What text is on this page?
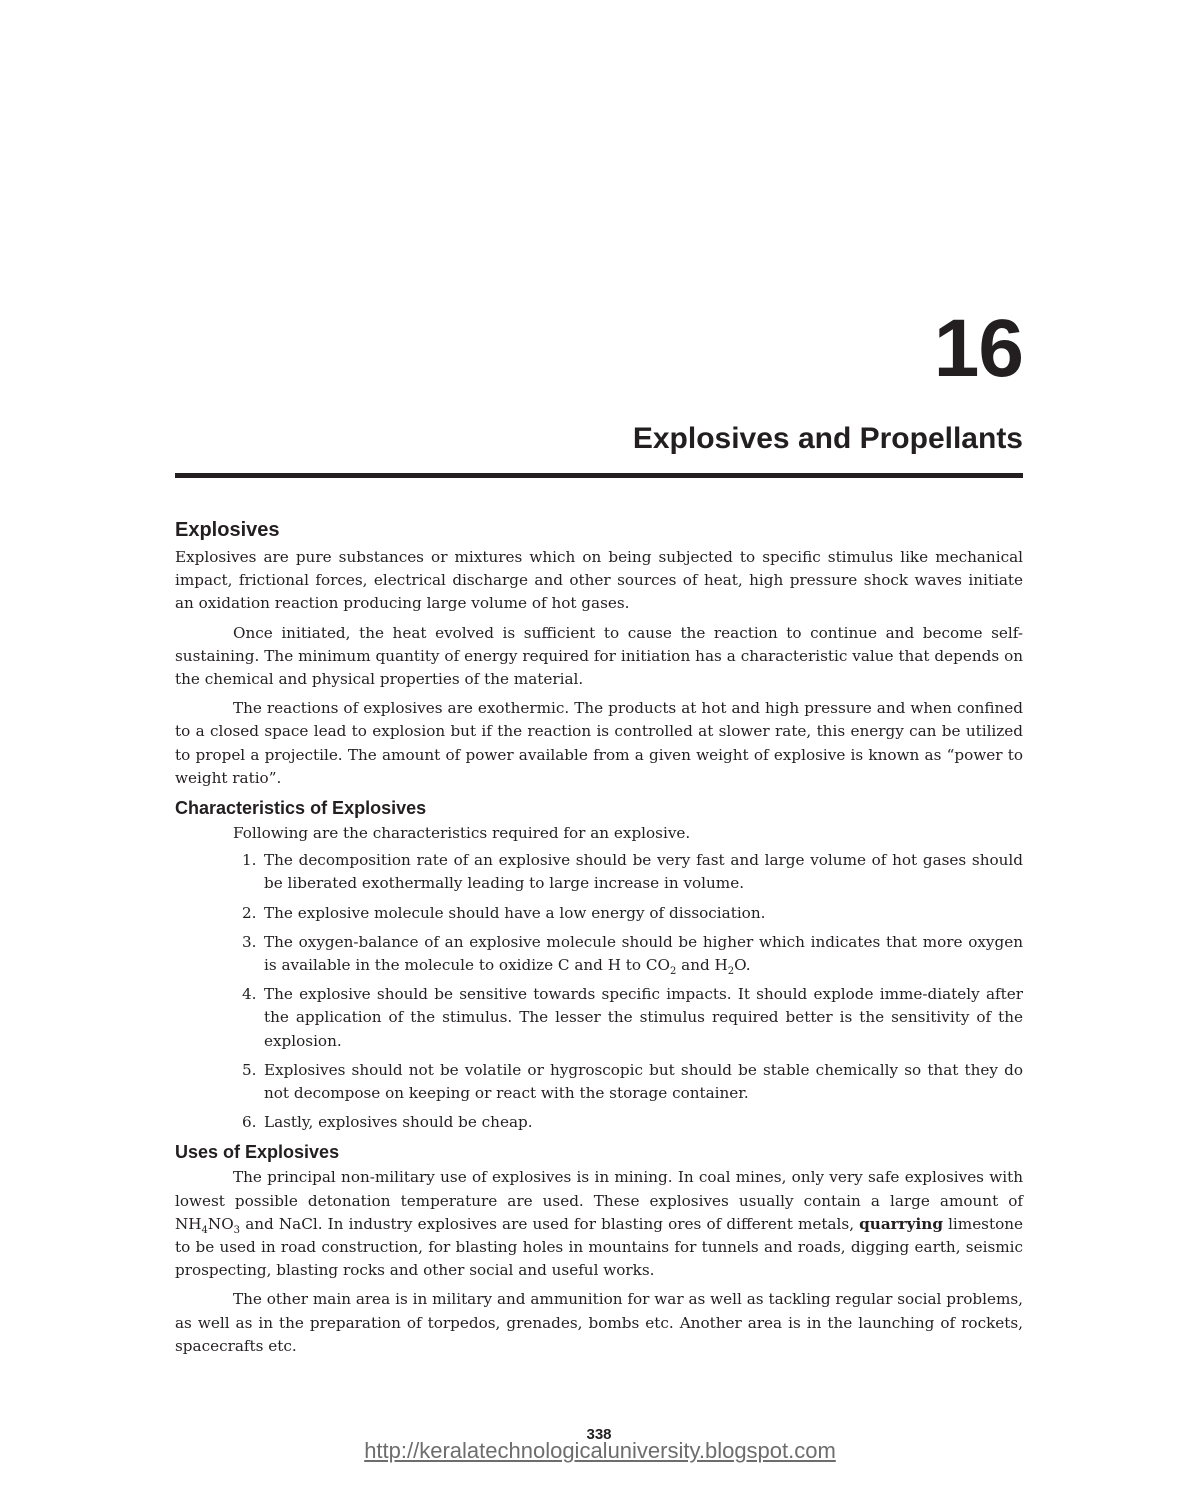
16
Explosives and Propellants
Explosives

Explosives are pure substances or mixtures which on being subjected to specific stimulus like mechanical impact, frictional forces, electrical discharge and other sources of heat, high pressure shock waves initiate an oxidation reaction producing large volume of hot gases.

Once initiated, the heat evolved is sufficient to cause the reaction to continue and become self-sustaining. The minimum quantity of energy required for initiation has a characteristic value that depends on the chemical and physical properties of the material.

The reactions of explosives are exothermic. The products at hot and high pressure and when confined to a closed space lead to explosion but if the reaction is controlled at slower rate, this energy can be utilized to propel a projectile. The amount of power available from a given weight of explosive is known as “power to weight ratio”.

Characteristics of Explosives

Following are the characteristics required for an explosive.

1. The decomposition rate of an explosive should be very fast and large volume of hot gases should be liberated exothermally leading to large increase in volume.
2. The explosive molecule should have a low energy of dissociation.
3. The oxygen-balance of an explosive molecule should be higher which indicates that more oxygen is available in the molecule to oxidize C and H to $CO_2$ and $H_2O$.
4. The explosive should be sensitive towards specific impacts. It should explode imme-diately after the application of the stimulus. The lesser the stimulus required better is the sensitivity of the explosion.
5. Explosives should not be volatile or hygroscopic but should be stable chemically so that they do not decompose on keeping or react with the storage container.
6. Lastly, explosives should be cheap.
Uses of Explosives

The principal non-military use of explosives is in mining. In coal mines, only very safe explosives with lowest possible detonation temperature are used. These explosives usually contain a large amount of $NH_4NO_3$ and NaCl. In industry explosives are used for blasting ores of different metals, quarrying limestone to be used in road construction, for blasting holes in mountains for tunnels and roads, digging earth, seismic prospecting, blasting rocks and other social and useful works.

The other main area is in military and ammunition for war as well as tackling regular social problems, as well as in the preparation of torpedos, grenades, bombs etc. Another area is in the launching of rockets, spacecrafts etc.

338
http://keralatechnologicaluniversity.blogspot.com
